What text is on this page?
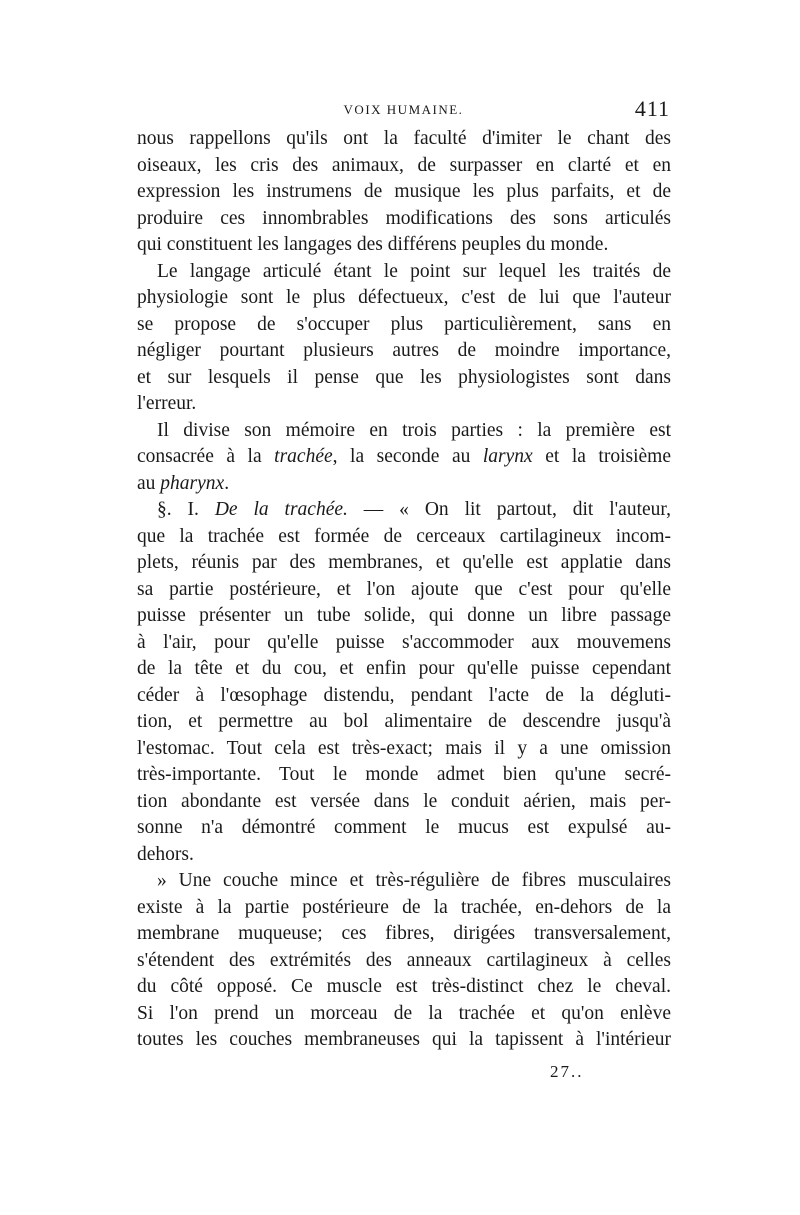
VOIX HUMAINE.	411
nous rappellons qu'ils ont la faculté d'imiter le chant des
oiseaux, les cris des animaux, de surpasser en clarté et en
expression les instrumens de musique les plus parfaits, et de
produire ces innombrables modifications des sons articulés
qui constituent les langages des différens peuples du monde.
Le langage articulé étant le point sur lequel les traités de
physiologie sont le plus défectueux, c'est de lui que l'auteur
se propose de s'occuper plus particulièrement, sans en
négliger pourtant plusieurs autres de moindre importance,
et sur lesquels il pense que les physiologistes sont dans
l'erreur.
Il divise son mémoire en trois parties : la première est
consacrée à la trachée, la seconde au larynx et la troisième
au pharynx.
§. I. De la trachée. — « On lit partout, dit l'auteur,
que la trachée est formée de cerceaux cartilagineux incom-
plets, réunis par des membranes, et qu'elle est applatie dans
sa partie postérieure, et l'on ajoute que c'est pour qu'elle
puisse présenter un tube solide, qui donne un libre passage
à l'air, pour qu'elle puisse s'accommoder aux mouvemens
de la tête et du cou, et enfin pour qu'elle puisse cependant
céder à l'œsophage distendu, pendant l'acte de la dégluti-
tion, et permettre au bol alimentaire de descendre jusqu'à
l'estomac. Tout cela est très-exact; mais il y a une omission
très-importante. Tout le monde admet bien qu'une secré-
tion abondante est versée dans le conduit aérien, mais per-
sonne n'a démontré comment le mucus est expulsé au-
dehors.
» Une couche mince et très-régulière de fibres musculaires
existe à la partie postérieure de la trachée, en-dehors de la
membrane muqueuse; ces fibres, dirigées transversalement,
s'étendent des extrémités des anneaux cartilagineux à celles
du côté opposé. Ce muscle est très-distinct chez le cheval.
Si l'on prend un morceau de la trachée et qu'on enlève
toutes les couches membraneuses qui la tapissent à l'intérieur
27..
